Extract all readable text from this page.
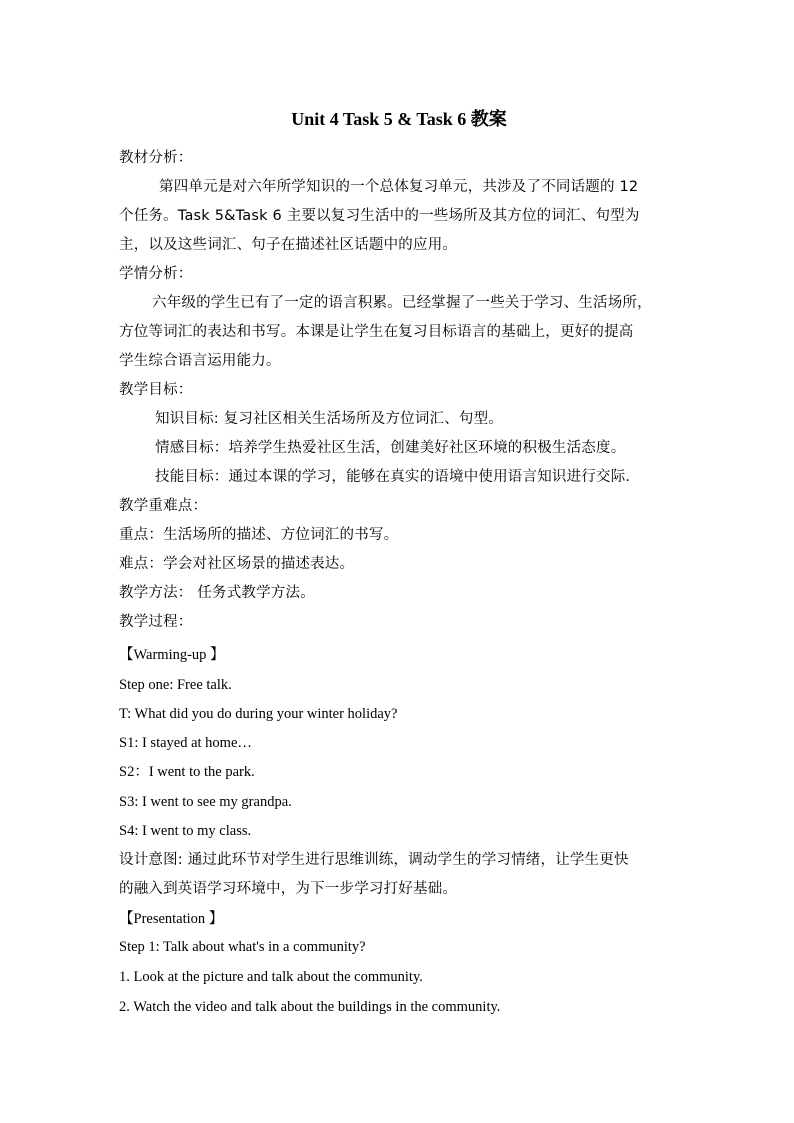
Unit 4 Task 5 & Task 6 教案
教材分析：
第四单元是对六年所学知识的一个总体复习单元，共涉及了不同话题的 12
个任务。Task 5&Task 6 主要以复习生活中的一些场所及其方位的词汇、句型为
主，以及这些词汇、句子在描述社区话题中的应用。
学情分析：
六年级的学生已有了一定的语言积累。已经掌握了一些关于学习、生活场所，
方位等词汇的表达和书写。本课是让学生在复习目标语言的基础上，更好的提高
学生综合语言运用能力。
教学目标：
知识目标: 复习社区相关生活场所及方位词汇、句型。
情感目标：培养学生热爱社区生活，创建美好社区环境的积极生活态度。
技能目标：通过本课的学习，能够在真实的语境中使用语言知识进行交际.
教学重难点：
重点：生活场所的描述、方位词汇的书写。
难点：学会对社区场景的描述表达。
教学方法： 任务式教学方法。
教学过程：
【Warming-up 】
Step one: Free talk.
T: What did you do during your winter holiday?
S1: I stayed at home…
S2：I went to the park.
S3: I went to see my grandpa.
S4: I went to my class.
设计意图: 通过此环节对学生进行思维训练，调动学生的学习情绪，让学生更快
的融入到英语学习环境中，为下一步学习打好基础。
【Presentation 】
Step 1: Talk about what's in a community?
1. Look at the picture and talk about the community.
2. Watch the video and talk about the buildings in the community.
